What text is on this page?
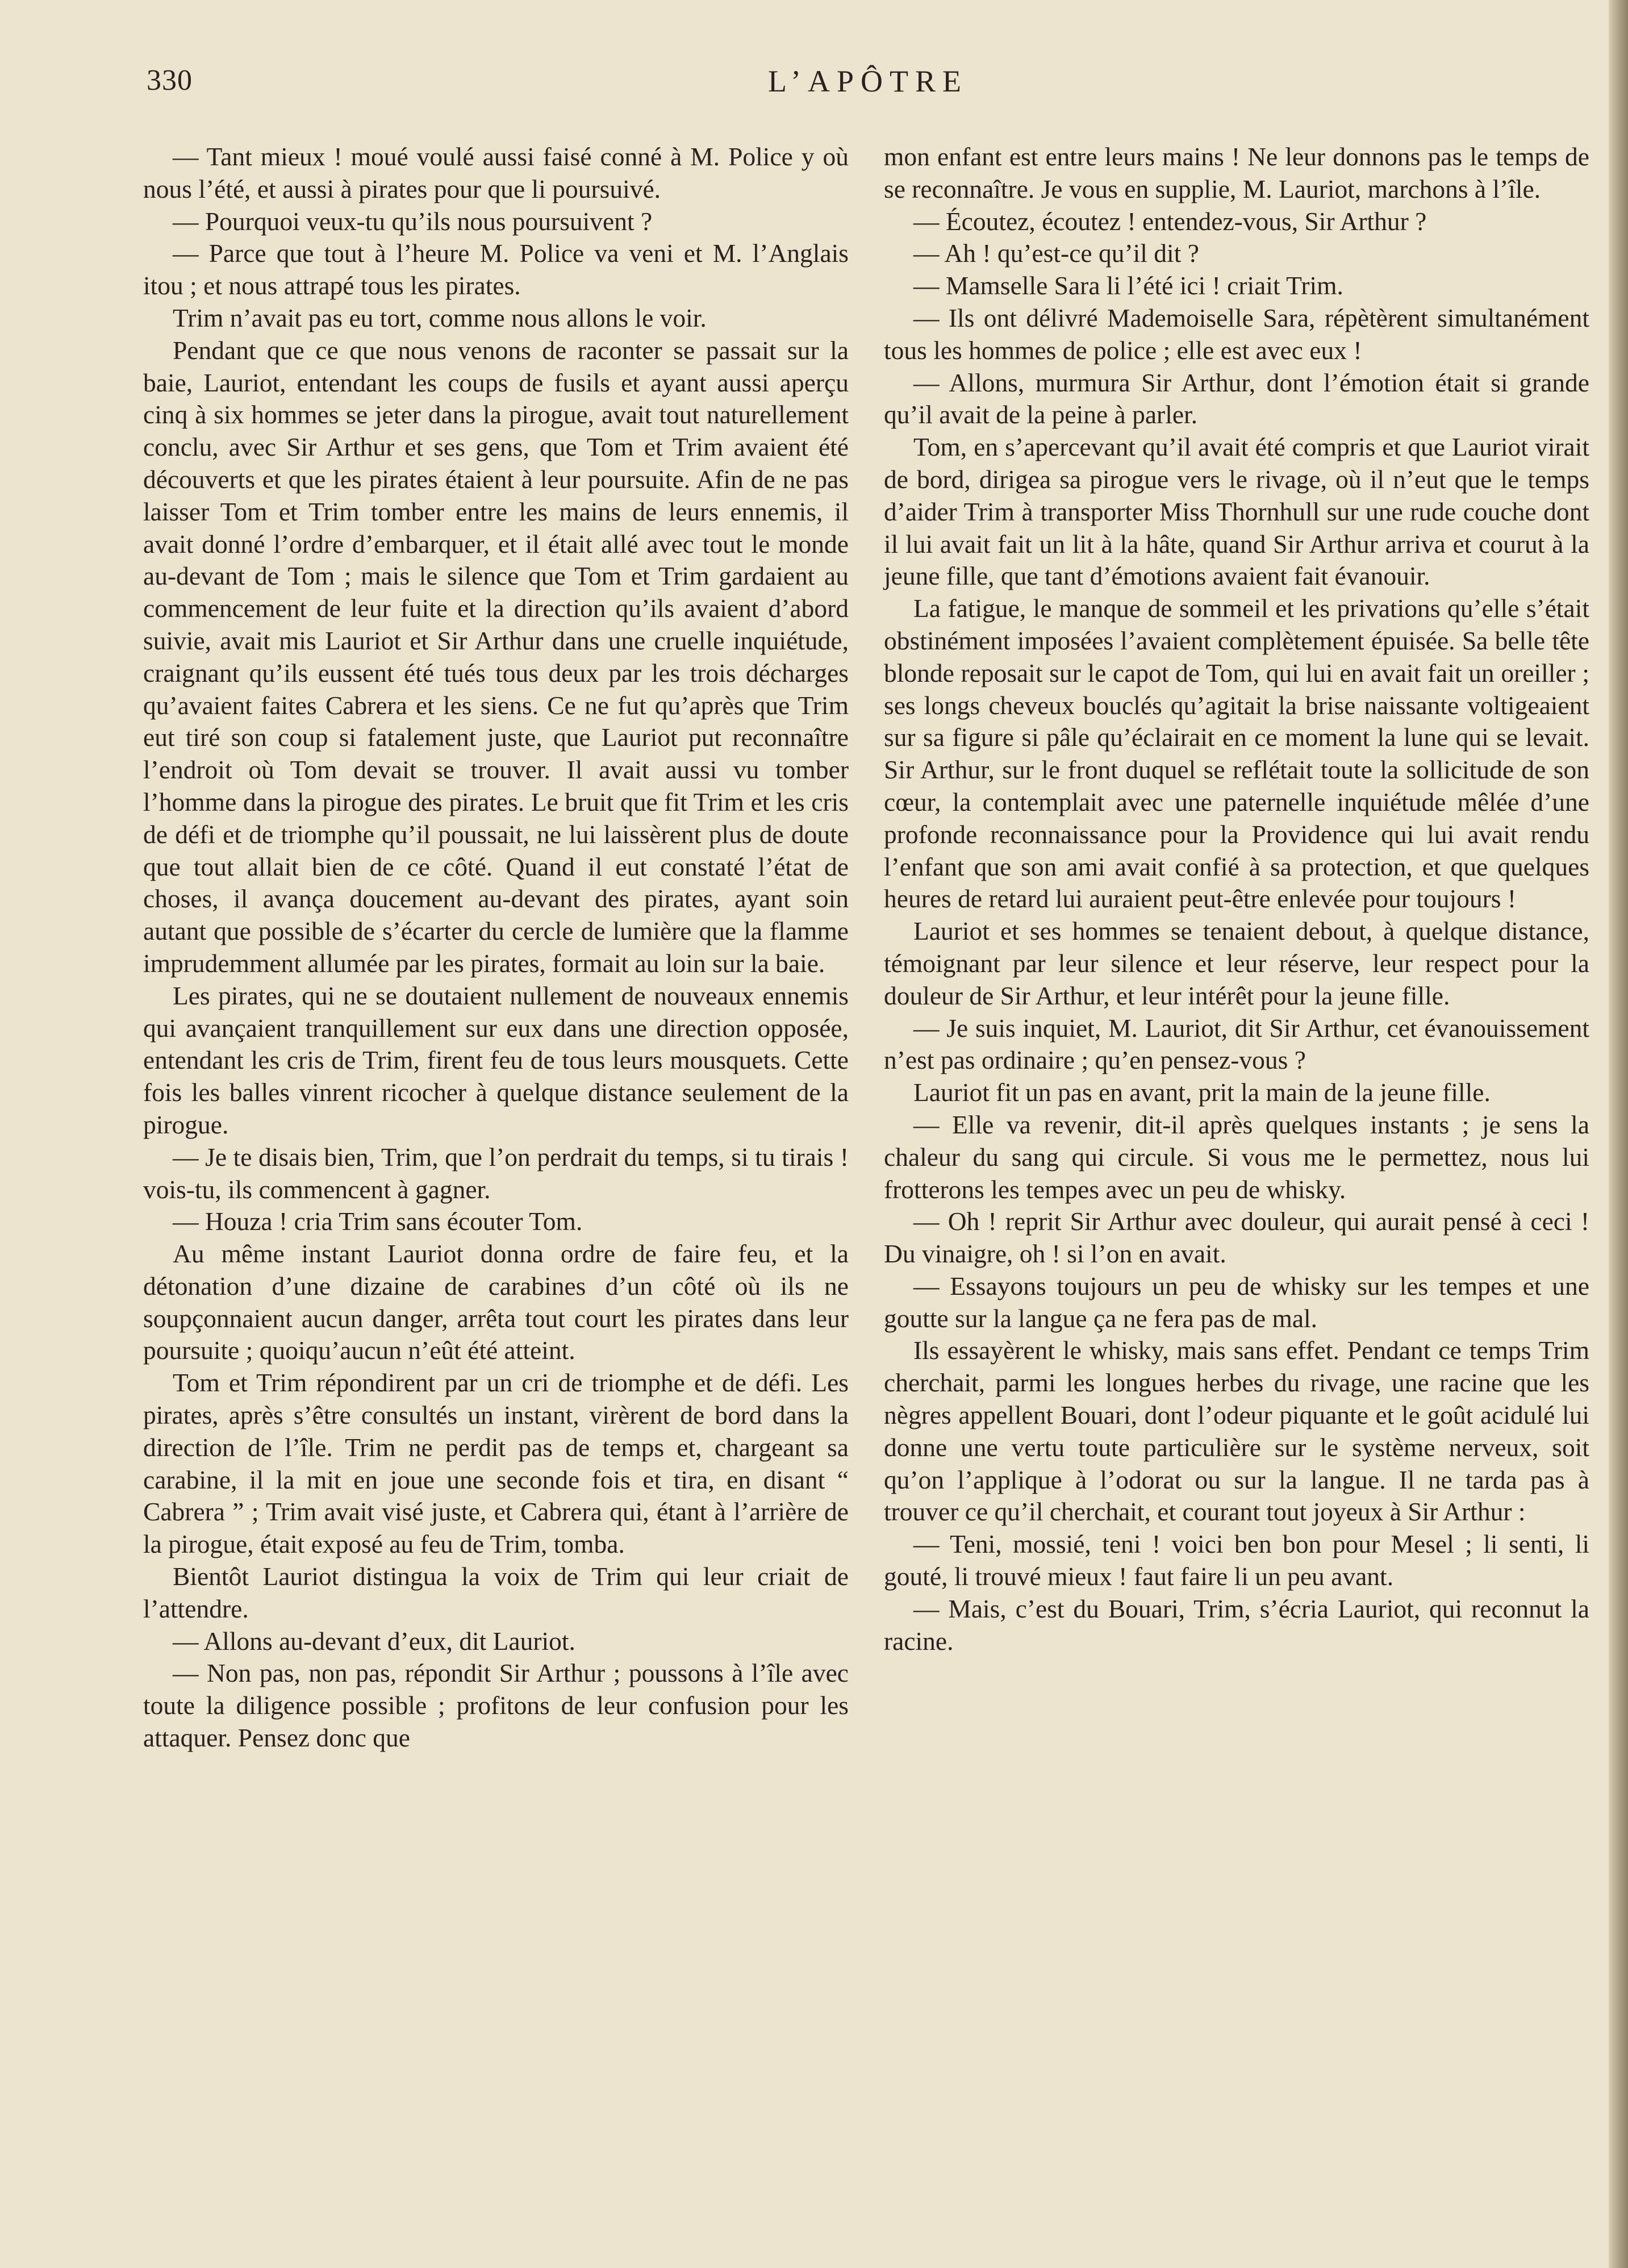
330	L’APÔTRE

— Tant mieux ! moué voulé aussi faisé conné à M. Police y où nous l’été, et aussi à pirates pour que li poursuivé.

— Pourquoi veux-tu qu’ils nous poursuivent ?

— Parce que tout à l’heure M. Police va veni et M. l’Anglais itou ; et nous attrapé tous les pirates.

Trim n’avait pas eu tort, comme nous allons le voir.

Pendant que ce que nous venons de raconter se passait sur la baie, Lauriot, entendant les coups de fusils et ayant aussi aperçu cinq à six hommes se jeter dans la pirogue, avait tout naturellement conclu, avec Sir Arthur et ses gens, que Tom et Trim avaient été découverts et que les pirates étaient à leur poursuite. Afin de ne pas laisser Tom et Trim tomber entre les mains de leurs ennemis, il avait donné l’ordre d’embarquer, et il était allé avec tout le monde au-devant de Tom ; mais le silence que Tom et Trim gardaient au commencement de leur fuite et la direction qu’ils avaient d’abord suivie, avait mis Lauriot et Sir Arthur dans une cruelle inquiétude, craignant qu’ils eussent été tués tous deux par les trois décharges qu’avaient faites Cabrera et les siens. Ce ne fut qu’après que Trim eut tiré son coup si fatalement juste, que Lauriot put reconnaître l’endroit où Tom devait se trouver. Il avait aussi vu tomber l’homme dans la pirogue des pirates. Le bruit que fit Trim et les cris de défi et de triomphe qu’il poussait, ne lui laissèrent plus de doute que tout allait bien de ce côté. Quand il eut constaté l’état de choses, il avança doucement au-devant des pirates, ayant soin autant que possible de s’écarter du cercle de lumière que la flamme imprudemment allumée par les pirates, formait au loin sur la baie.

Les pirates, qui ne se doutaient nullement de nouveaux ennemis qui avançaient tranquillement sur eux dans une direction opposée, entendant les cris de Trim, firent feu de tous leurs mousquets. Cette fois les balles vinrent ricocher à quelque distance seulement de la pirogue.

— Je te disais bien, Trim, que l’on perdrait du temps, si tu tirais ! vois-tu, ils commencent à gagner.

— Houza ! cria Trim sans écouter Tom.

Au même instant Lauriot donna ordre de faire feu, et la détonation d’une dizaine de carabines d’un côté où ils ne soupçonnaient aucun danger, arrêta tout court les pirates dans leur poursuite ; quoiqu’aucun n’eût été atteint.

Tom et Trim répondirent par un cri de triomphe et de défi. Les pirates, après s’être consultés un instant, virèrent de bord dans la direction de l’île. Trim ne perdit pas de temps et, chargeant sa carabine, il la mit en joue une seconde fois et tira, en disant “ Cabrera ” ; Trim avait visé juste, et Cabrera qui, étant à l’arrière de la pirogue, était exposé au feu de Trim, tomba.

Bientôt Lauriot distingua la voix de Trim qui leur criait de l’attendre.

— Allons au-devant d’eux, dit Lauriot.

— Non pas, non pas, répondit Sir Arthur ; poussons à l’île avec toute la diligence possible ; profitons de leur confusion pour les attaquer. Pensez donc que

mon enfant est entre leurs mains ! Ne leur donnons pas le temps de se reconnaître. Je vous en supplie, M. Lauriot, marchons à l’île.

— Écoutez, écoutez ! entendez-vous, Sir Arthur ?

— Ah ! qu’est-ce qu’il dit ?

— Mamselle Sara li l’été ici ! criait Trim.

— Ils ont délivré Mademoiselle Sara, répètèrent simultanément tous les hommes de police ; elle est avec eux !

— Allons, murmura Sir Arthur, dont l’émotion était si grande qu’il avait de la peine à parler.

Tom, en s’apercevant qu’il avait été compris et que Lauriot virait de bord, dirigea sa pirogue vers le rivage, où il n’eut que le temps d’aider Trim à transporter Miss Thornhull sur une rude couche dont il lui avait fait un lit à la hâte, quand Sir Arthur arriva et courut à la jeune fille, que tant d’émotions avaient fait évanouir.

La fatigue, le manque de sommeil et les privations qu’elle s’était obstinément imposées l’avaient complètement épuisée. Sa belle tête blonde reposait sur le capot de Tom, qui lui en avait fait un oreiller ; ses longs cheveux bouclés qu’agitait la brise naissante voltigeaient sur sa figure si pâle qu’éclairait en ce moment la lune qui se levait. Sir Arthur, sur le front duquel se reflétait toute la sollicitude de son cœur, la contemplait avec une paternelle inquiétude mêlée d’une profonde reconnaissance pour la Providence qui lui avait rendu l’enfant que son ami avait confié à sa protection, et que quelques heures de retard lui auraient peut-être enlevée pour toujours !

Lauriot et ses hommes se tenaient debout, à quelque distance, témoignant par leur silence et leur réserve, leur respect pour la douleur de Sir Arthur, et leur intérêt pour la jeune fille.

— Je suis inquiet, M. Lauriot, dit Sir Arthur, cet évanouissement n’est pas ordinaire ; qu’en pensez-vous ?

Lauriot fit un pas en avant, prit la main de la jeune fille.

— Elle va revenir, dit-il après quelques instants ; je sens la chaleur du sang qui circule. Si vous me le permettez, nous lui frotterons les tempes avec un peu de whisky.

— Oh ! reprit Sir Arthur avec douleur, qui aurait pensé à ceci ! Du vinaigre, oh ! si l’on en avait.

— Essayons toujours un peu de whisky sur les tempes et une goutte sur la langue ça ne fera pas de mal.

Ils essayèrent le whisky, mais sans effet. Pendant ce temps Trim cherchait, parmi les longues herbes du rivage, une racine que les nègres appellent Bouari, dont l’odeur piquante et le goût acidulé lui donne une vertu toute particulière sur le système nerveux, soit qu’on l’applique à l’odorat ou sur la langue. Il ne tarda pas à trouver ce qu’il cherchait, et courant tout joyeux à Sir Arthur :

— Teni, mossié, teni ! voici ben bon pour Mesel ; li senti, li gouté, li trouvé mieux ! faut faire li un peu avant.

— Mais, c’est du Bouari, Trim, s’écria Lauriot, qui reconnut la racine.
